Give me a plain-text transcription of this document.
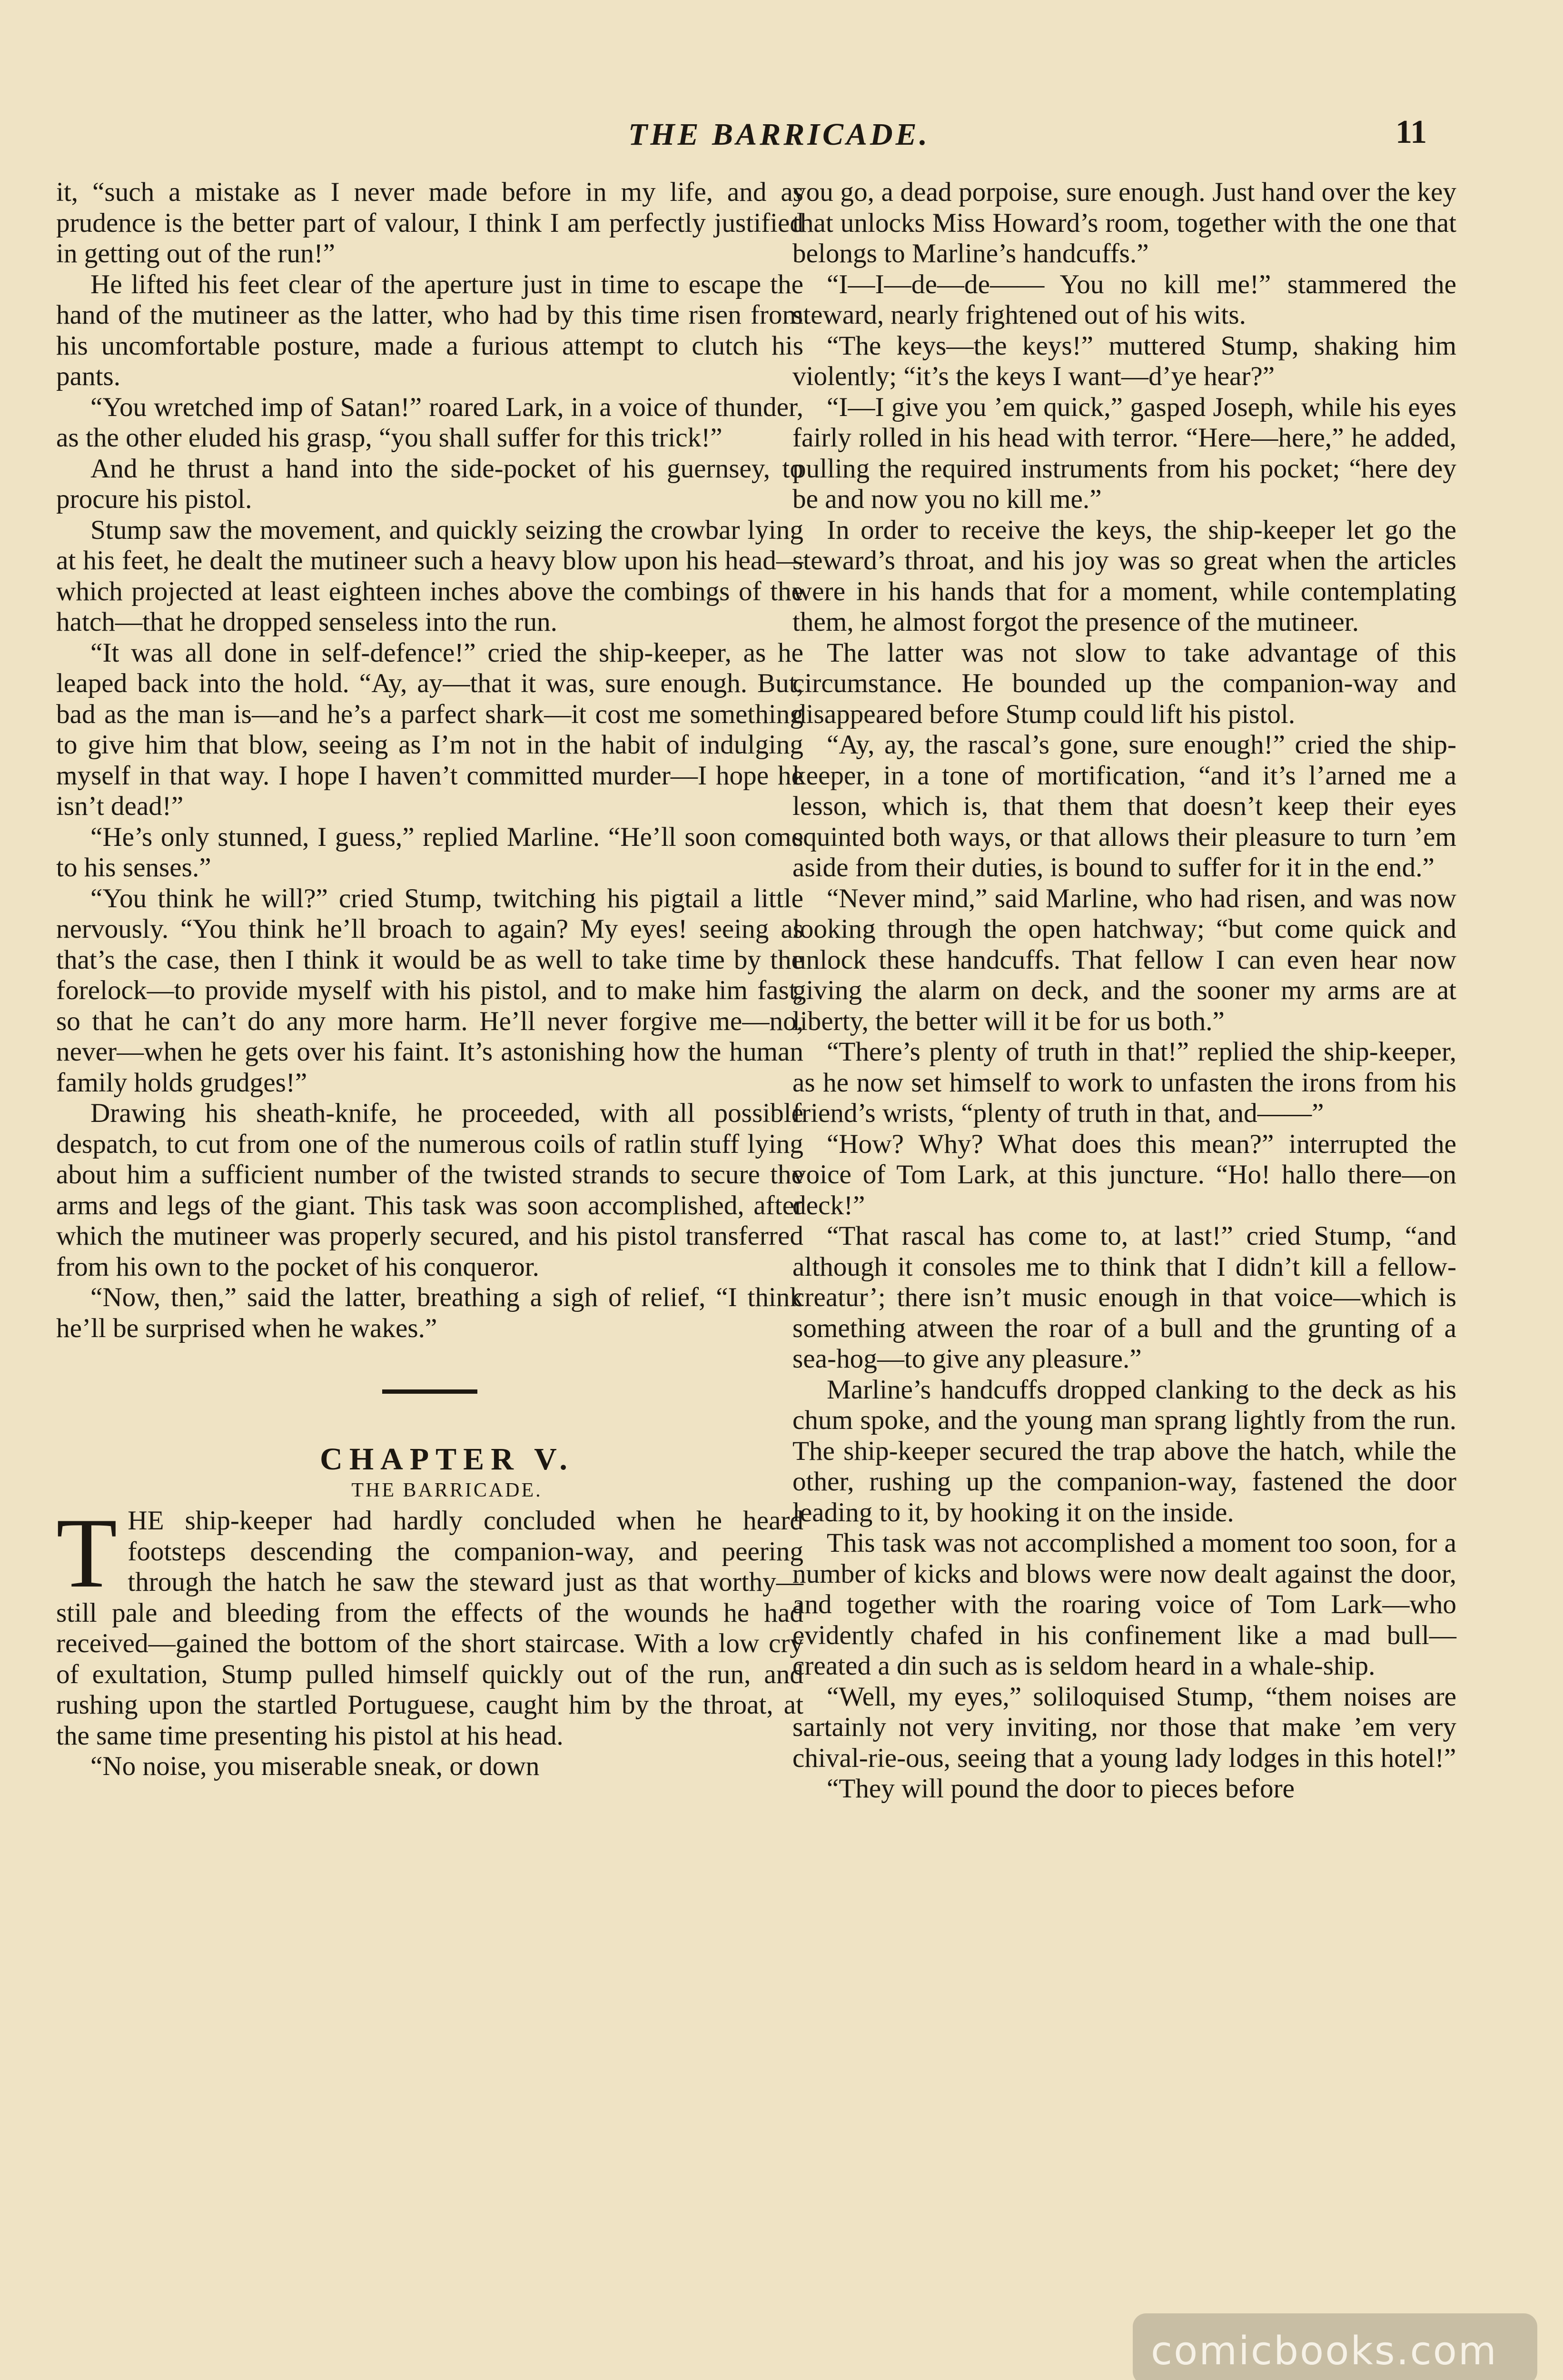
THE BARRICADE.	11

it, “such a mistake as I never made before in my life, and as prudence is the better part of valour, I think I am perfectly justified in getting out of the run!”

He lifted his feet clear of the aperture just in time to escape the hand of the mutineer as the latter, who had by this time risen from his uncomfortable posture, made a furious attempt to clutch his pants.

“You wretched imp of Satan!” roared Lark, in a voice of thunder, as the other eluded his grasp, “you shall suffer for this trick!”

And he thrust a hand into the side-pocket of his guernsey, to procure his pistol.

Stump saw the movement, and quickly seizing the crowbar lying at his feet, he dealt the mutineer such a heavy blow upon his head—which projected at least eighteen inches above the combings of the hatch—that he dropped senseless into the run.

“It was all done in self-defence!” cried the ship-keeper, as he leaped back into the hold. “Ay, ay—that it was, sure enough. But, bad as the man is—and he’s a parfect shark—it cost me something to give him that blow, seeing as I’m not in the habit of indulging myself in that way. I hope I haven’t committed murder—I hope he isn’t dead!”

“He’s only stunned, I guess,” replied Marline. “He’ll soon come to his senses.”

“You think he will?” cried Stump, twitching his pigtail a little nervously. “You think he’ll broach to again? My eyes! seeing as that’s the case, then I think it would be as well to take time by the forelock—to provide myself with his pistol, and to make him fast, so that he can’t do any more harm. He’ll never forgive me—no, never—when he gets over his faint. It’s astonishing how the human family holds grudges!”

Drawing his sheath-knife, he proceeded, with all possible despatch, to cut from one of the numerous coils of ratlin stuff lying about him a sufficient number of the twisted strands to secure the arms and legs of the giant. This task was soon accomplished, after which the mutineer was properly secured, and his pistol transferred from his own to the pocket of his conqueror.

“Now, then,” said the latter, breathing a sigh of relief, “I think he’ll be surprised when he wakes.”

CHAPTER V.

THE BARRICADE.

THE ship-keeper had hardly concluded when he heard footsteps descending the companion-way, and peering through the hatch he saw the steward just as that worthy—still pale and bleeding from the effects of the wounds he had received—gained the bottom of the short staircase. With a low cry of exultation, Stump pulled himself quickly out of the run, and rushing upon the startled Portuguese, caught him by the throat, at the same time presenting his pistol at his head.

“No noise, you miserable sneak, or down

you go, a dead porpoise, sure enough. Just hand over the key that unlocks Miss Howard’s room, together with the one that belongs to Marline’s handcuffs.”

“I—I—de—de—— You no kill me!” stammered the steward, nearly frightened out of his wits.

“The keys—the keys!” muttered Stump, shaking him violently; “it’s the keys I want—d’ye hear?”

“I—I give you ’em quick,” gasped Joseph, while his eyes fairly rolled in his head with terror. “Here—here,” he added, pulling the required instruments from his pocket; “here dey be and now you no kill me.”

In order to receive the keys, the ship-keeper let go the steward’s throat, and his joy was so great when the articles were in his hands that for a moment, while contemplating them, he almost forgot the presence of the mutineer.

The latter was not slow to take advantage of this circumstance. He bounded up the companion-way and disappeared before Stump could lift his pistol.

“Ay, ay, the rascal’s gone, sure enough!” cried the ship-keeper, in a tone of mortification, “and it’s l’arned me a lesson, which is, that them that doesn’t keep their eyes squinted both ways, or that allows their pleasure to turn ’em aside from their duties, is bound to suffer for it in the end.”

“Never mind,” said Marline, who had risen, and was now looking through the open hatchway; “but come quick and unlock these handcuffs. That fellow I can even hear now giving the alarm on deck, and the sooner my arms are at liberty, the better will it be for us both.”

“There’s plenty of truth in that!” replied the ship-keeper, as he now set himself to work to unfasten the irons from his friend’s wrists, “plenty of truth in that, and——”

“How? Why? What does this mean?” interrupted the voice of Tom Lark, at this juncture. “Ho! hallo there—on deck!”

“That rascal has come to, at last!” cried Stump, “and although it consoles me to think that I didn’t kill a fellow-creatur’; there isn’t music enough in that voice—which is something atween the roar of a bull and the grunting of a sea-hog—to give any pleasure.”

Marline’s handcuffs dropped clanking to the deck as his chum spoke, and the young man sprang lightly from the run. The ship-keeper secured the trap above the hatch, while the other, rushing up the companion-way, fastened the door leading to it, by hooking it on the inside.

This task was not accomplished a moment too soon, for a number of kicks and blows were now dealt against the door, and together with the roaring voice of Tom Lark—who evidently chafed in his confinement like a mad bull—created a din such as is seldom heard in a whale-ship.

“Well, my eyes,” soliloquised Stump, “them noises are sartainly not very inviting, nor those that make ’em very chival-rie-ous, seeing that a young lady lodges in this hotel!”

“They will pound the door to pieces before

comicbooks.com
